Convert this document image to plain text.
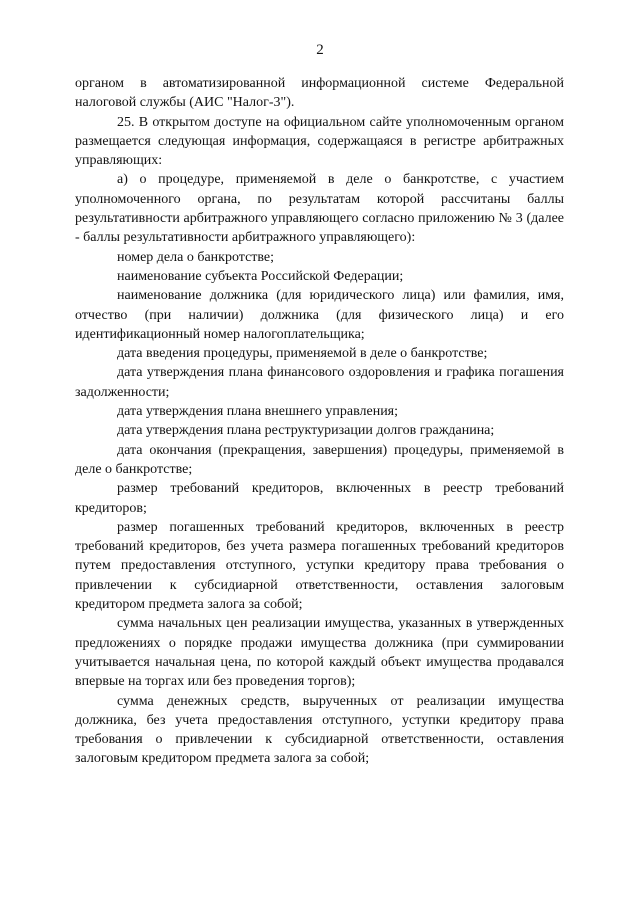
2

органом в автоматизированной информационной системе Федеральной налоговой службы (АИС "Налог-3").

25. В открытом доступе на официальном сайте уполномоченным органом размещается следующая информация, содержащаяся в регистре арбитражных управляющих:

а) о процедуре, применяемой в деле о банкротстве, с участием уполномоченного органа, по результатам которой рассчитаны баллы результативности арбитражного управляющего согласно приложению № 3 (далее - баллы результативности арбитражного управляющего):

номер дела о банкротстве;

наименование субъекта Российской Федерации;

наименование должника (для юридического лица) или фамилия, имя, отчество (при наличии) должника (для физического лица) и его идентификационный номер налогоплательщика;

дата введения процедуры, применяемой в деле о банкротстве;

дата утверждения плана финансового оздоровления и графика погашения задолженности;

дата утверждения плана внешнего управления;

дата утверждения плана реструктуризации долгов гражданина;

дата окончания (прекращения, завершения) процедуры, применяемой в деле о банкротстве;

размер требований кредиторов, включенных в реестр требований кредиторов;

размер погашенных требований кредиторов, включенных в реестр требований кредиторов, без учета размера погашенных требований кредиторов путем предоставления отступного, уступки кредитору права требования о привлечении к субсидиарной ответственности, оставления залоговым кредитором предмета залога за собой;

сумма начальных цен реализации имущества, указанных в утвержденных предложениях о порядке продажи имущества должника (при суммировании учитывается начальная цена, по которой каждый объект имущества продавался впервые на торгах или без проведения торгов);

сумма денежных средств, вырученных от реализации имущества должника, без учета предоставления отступного, уступки кредитору права требования о привлечении к субсидиарной ответственности, оставления залоговым кредитором предмета залога за собой;
